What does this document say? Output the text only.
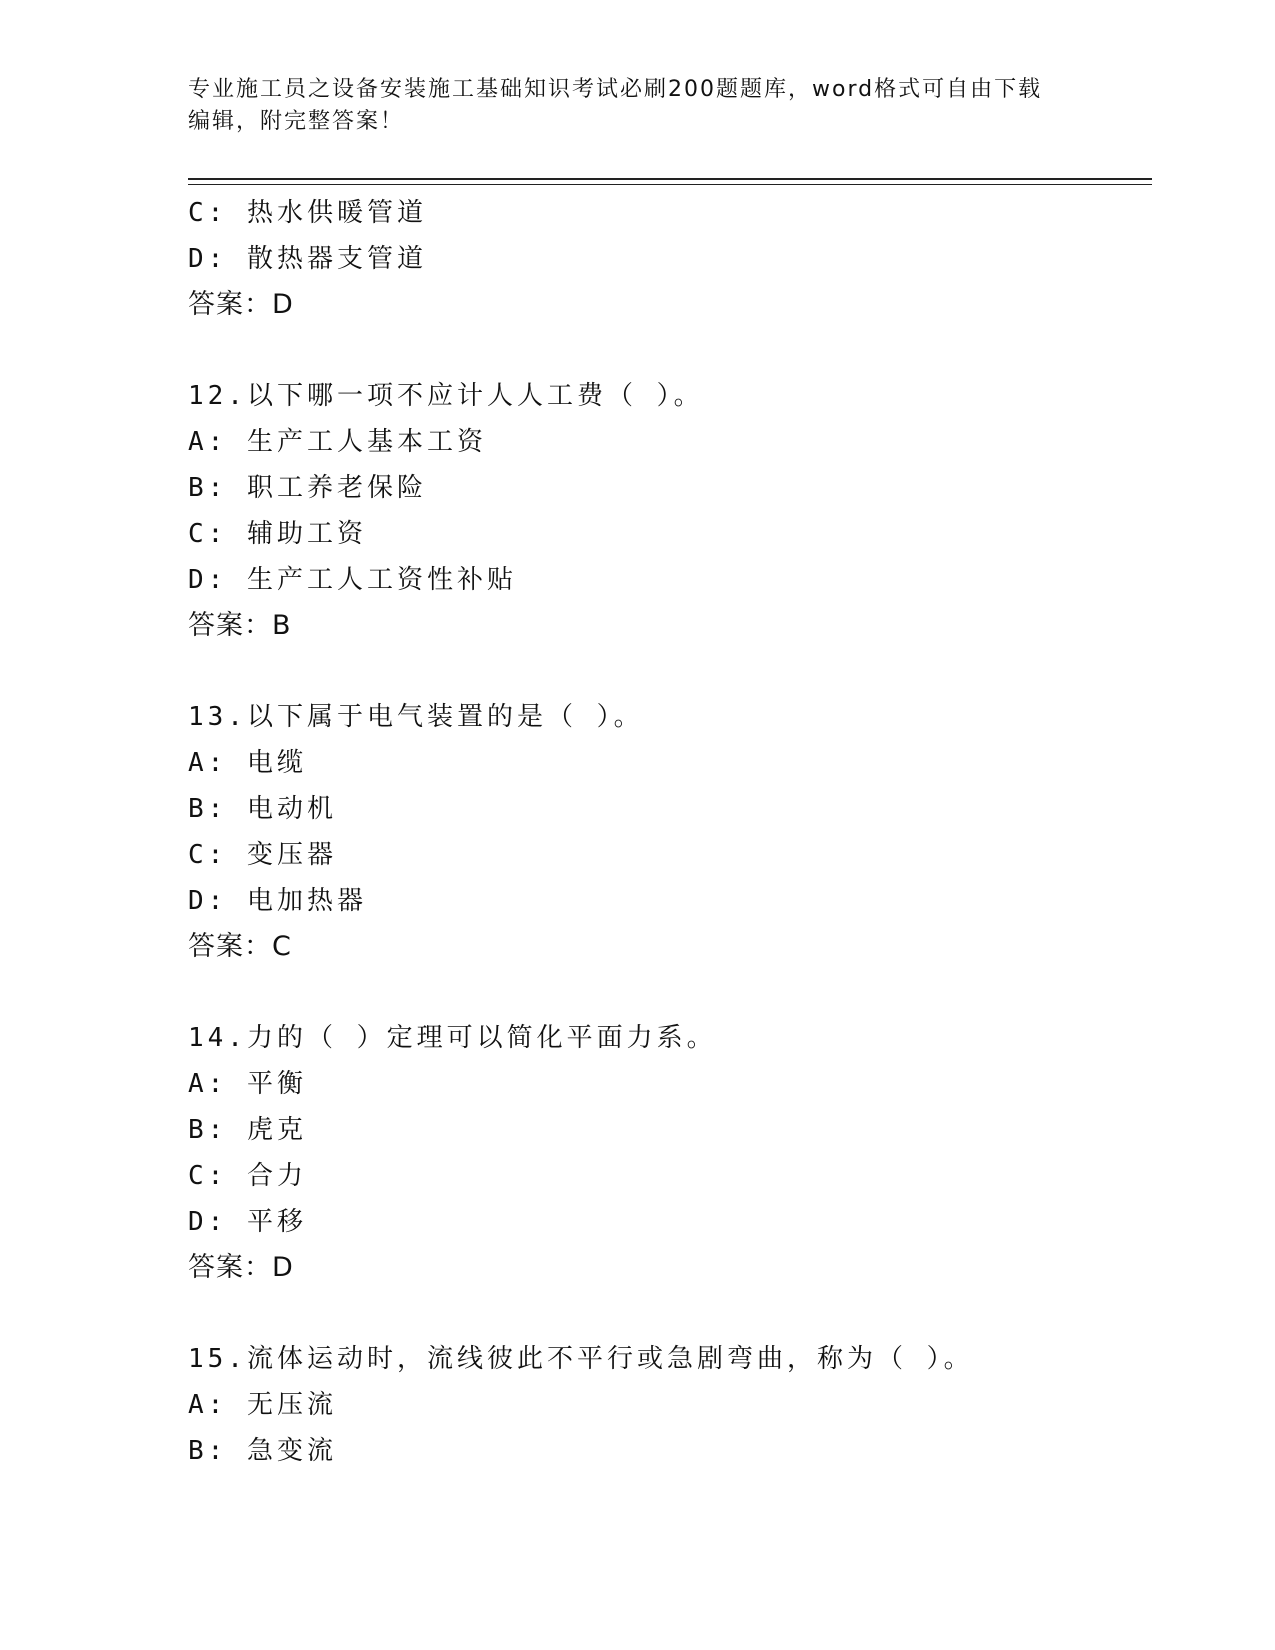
专业施工员之设备安装施工基础知识考试必刷200题题库，word格式可自由下载
编辑，附完整答案！
C: 热水供暖管道
D: 散热器支管道
答案：D
12.以下哪一项不应计人人工费（ ）。
A: 生产工人基本工资
B: 职工养老保险
C: 辅助工资
D: 生产工人工资性补贴
答案：B
13.以下属于电气装置的是（ ）。
A: 电缆
B: 电动机
C: 变压器
D: 电加热器
答案：C
14.力的（ ）定理可以简化平面力系。
A: 平衡
B: 虎克
C: 合力
D: 平移
答案：D
15.流体运动时，流线彼此不平行或急剧弯曲，称为（ ）。
A: 无压流
B: 急变流
